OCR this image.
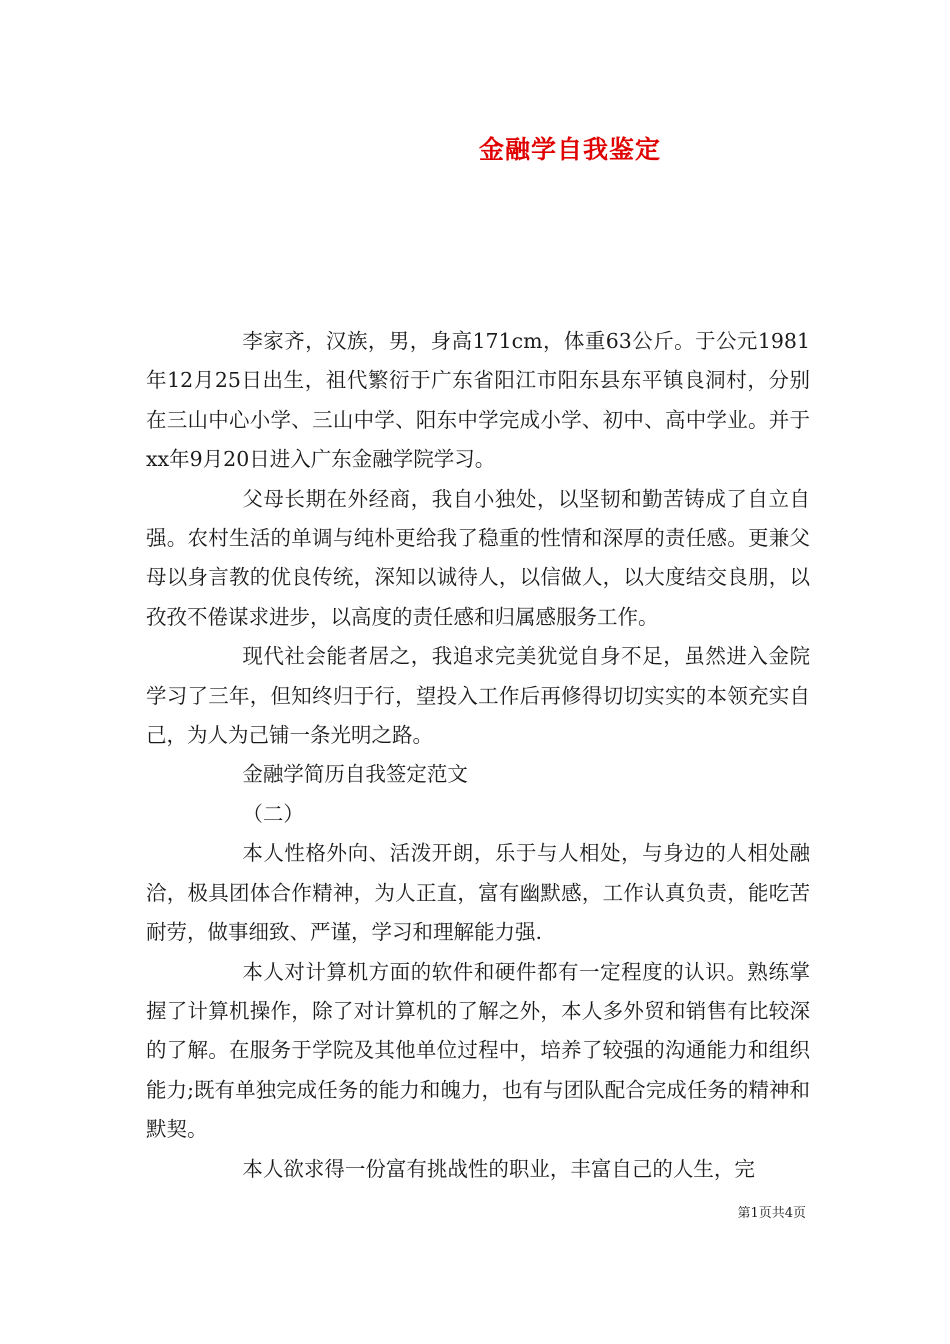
金融学自我鉴定

李家齐，汉族，男，身高171cm，体重63公斤。于公元1981年12月25日出生，祖代繁衍于广东省阳江市阳东县东平镇良洞村，分别在三山中心小学、三山中学、阳东中学完成小学、初中、高中学业。并于xx年9月20日进入广东金融学院学习。

父母长期在外经商，我自小独处，以坚韧和勤苦铸成了自立自强。农村生活的单调与纯朴更给我了稳重的性情和深厚的责任感。更兼父母以身言教的优良传统，深知以诚待人，以信做人，以大度结交良朋，以孜孜不倦谋求进步，以高度的责任感和归属感服务工作。

现代社会能者居之，我追求完美犹觉自身不足，虽然进入金院学习了三年，但知终归于行，望投入工作后再修得切切实实的本领充实自己，为人为己铺一条光明之路。

金融学简历自我签定范文

（二）

本人性格外向、活泼开朗，乐于与人相处，与身边的人相处融洽，极具团体合作精神，为人正直，富有幽默感，工作认真负责，能吃苦耐劳，做事细致、严谨，学习和理解能力强.

本人对计算机方面的软件和硬件都有一定程度的认识。熟练掌握了计算机操作，除了对计算机的了解之外，本人多外贸和销售有比较深的了解。在服务于学院及其他单位过程中，培养了较强的沟通能力和组织能力;既有单独完成任务的能力和魄力，也有与团队配合完成任务的精神和默契。

本人欲求得一份富有挑战性的职业，丰富自己的人生，完

第1页共4页
